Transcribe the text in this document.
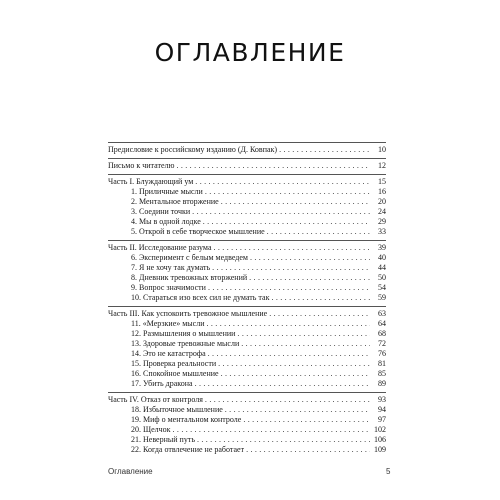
ОГЛАВЛЕНИЕ
Предисловие к российскому изданию (Д. Ковпак) . . .	10
Письмо к читателю . . .	12
Часть I. Блуждающий ум . . .	15
1. Приличные мысли . . .	16
2. Ментальное вторжение . . .	20
3. Соедини точки . . .	24
4. Мы в одной лодке . . .	29
5. Открой в себе творческое мышление . . .	33
Часть II. Исследование разума . . .	39
6. Эксперимент с белым медведем . . .	40
7. Я не хочу так думать . . .	44
8. Дневник тревожных вторжений . . .	50
9. Вопрос значимости . . .	54
10. Стараться изо всех сил не думать так . . .	59
Часть III. Как успокоить тревожное мышление . . .	63
11. «Мерзкие» мысли . . .	64
12. Размышления о мышлении . . .	68
13. Здоровые тревожные мысли . . .	72
14. Это не катастрофа . . .	76
15. Проверка реальности . . .	81
16. Спокойное мышление . . .	85
17. Убить дракона . . .	89
Часть IV. Отказ от контроля . . .	93
18. Избыточное мышление . . .	94
19. Миф о ментальном контроле . . .	97
20. Щелчок . . .	102
21. Неверный путь . . .	106
22. Когда отвлечение не работает . . .	109
Оглавление	5
